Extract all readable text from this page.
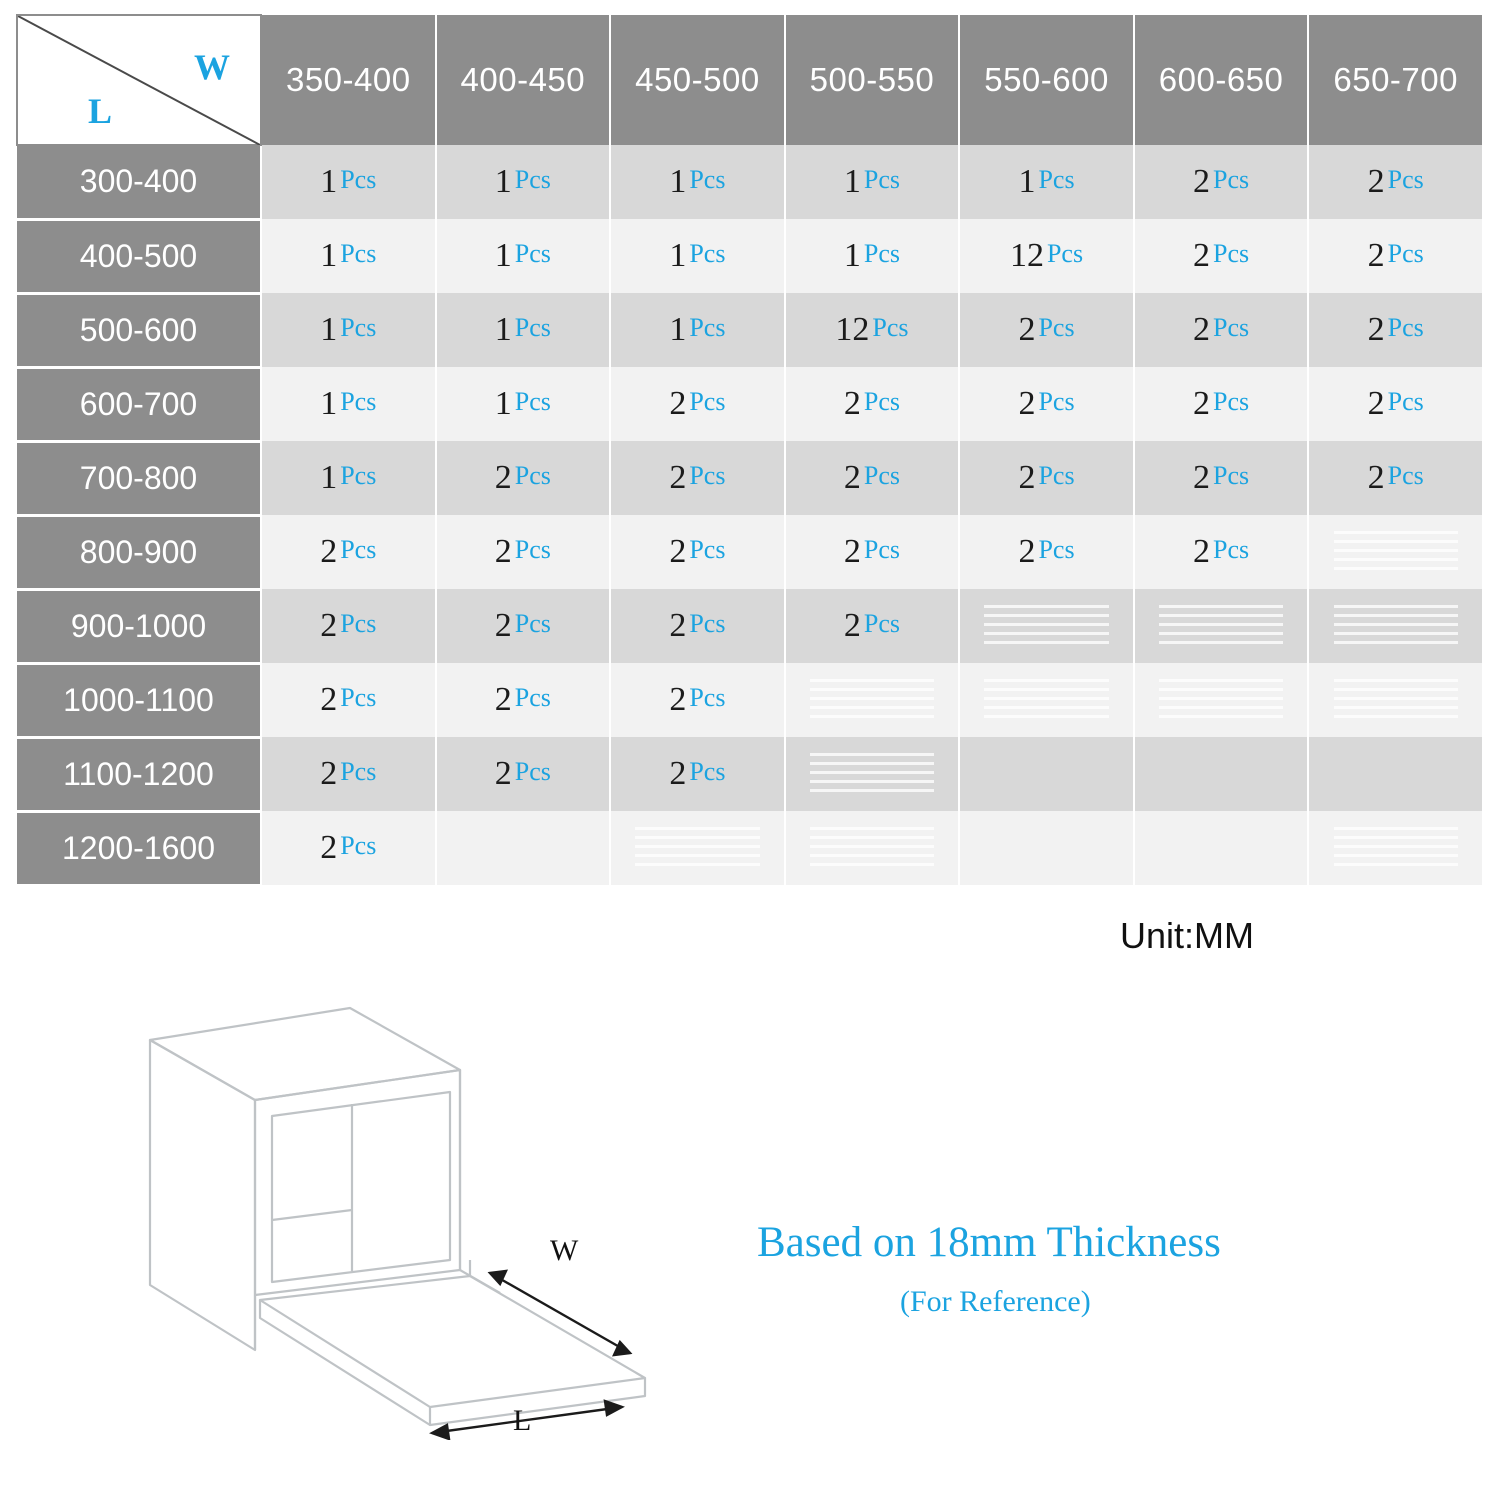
W
L	350-400	400-450	450-500	500-550	550-600	600-650	650-700
300-400	1 Pcs	1 Pcs	1 Pcs	1 Pcs	1 Pcs	2 Pcs	2 Pcs
400-500	1 Pcs	1 Pcs	1 Pcs	1 Pcs	12 Pcs	2 Pcs	2 Pcs
500-600	1 Pcs	1 Pcs	1 Pcs	12 Pcs	2 Pcs	2 Pcs	2 Pcs
600-700	1 Pcs	1 Pcs	2 Pcs	2 Pcs	2 Pcs	2 Pcs	2 Pcs
700-800	1 Pcs	2 Pcs	2 Pcs	2 Pcs	2 Pcs	2 Pcs	2 Pcs
800-900	2 Pcs	2 Pcs	2 Pcs	2 Pcs	2 Pcs	2 Pcs	

900-1000	2 Pcs	2 Pcs	2 Pcs	2 Pcs	

1000-1100	2 Pcs	2 Pcs	2 Pcs	

1100-1200	2 Pcs	2 Pcs	2 Pcs	

1200-1600	2 Pcs		

Unit:MM
W
L
Based on 18mm Thickness
(For Reference)
